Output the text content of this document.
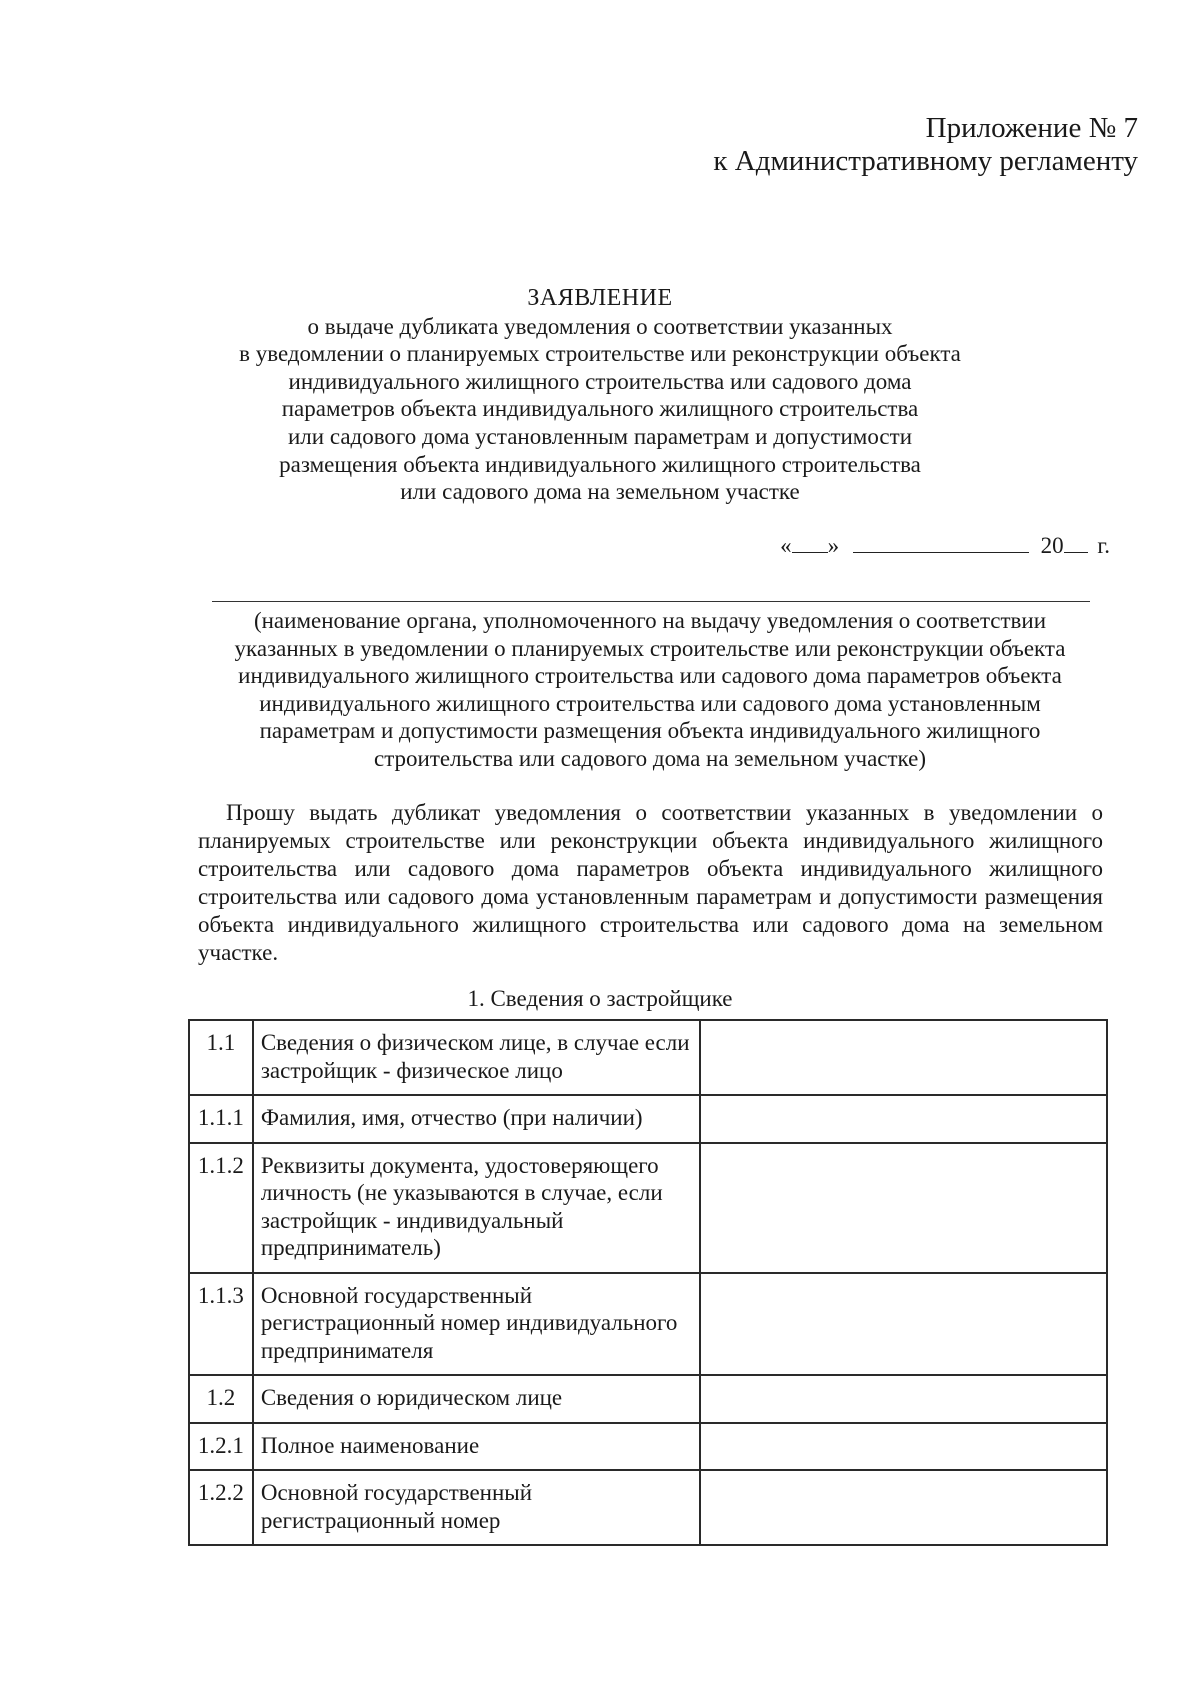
Приложение № 7
к Административному регламенту
ЗАЯВЛЕНИЕ
о выдаче дубликата уведомления о соответствии указанных
в уведомлении о планируемых строительстве или реконструкции объекта
индивидуального жилищного строительства или садового дома
параметров объекта индивидуального жилищного строительства
или садового дома установленным параметрам и допустимости
размещения объекта индивидуального жилищного строительства
или садового дома на земельном участке
« »	20 г.
(наименование органа, уполномоченного на выдачу уведомления о соответствии
указанных в уведомлении о планируемых строительстве или реконструкции объекта
индивидуального жилищного строительства или садового дома параметров объекта
индивидуального жилищного строительства или садового дома установленным
параметрам и допустимости размещения объекта индивидуального жилищного
строительства или садового дома на земельном участке)
Прошу выдать дубликат уведомления о соответствии указанных в уведомлении о планируемых строительстве или реконструкции объекта индивидуального жилищного строительства или садового дома параметров объекта индивидуального жилищного строительства или садового дома установленным параметрам и допустимости размещения объекта индивидуального жилищного строительства или садового дома на земельном участке.
1. Сведения о застройщике
1.1	Сведения о физическом лице, в случае если застройщик - физическое лицо	
1.1.1	Фамилия, имя, отчество (при наличии)	
1.1.2	Реквизиты документа, удостоверяющего личность (не указываются в случае, если застройщик - индивидуальный предприниматель)	
1.1.3	Основной государственный регистрационный номер индивидуального предпринимателя	
1.2	Сведения о юридическом лице	
1.2.1	Полное наименование	
1.2.2	Основной государственный регистрационный номер	
